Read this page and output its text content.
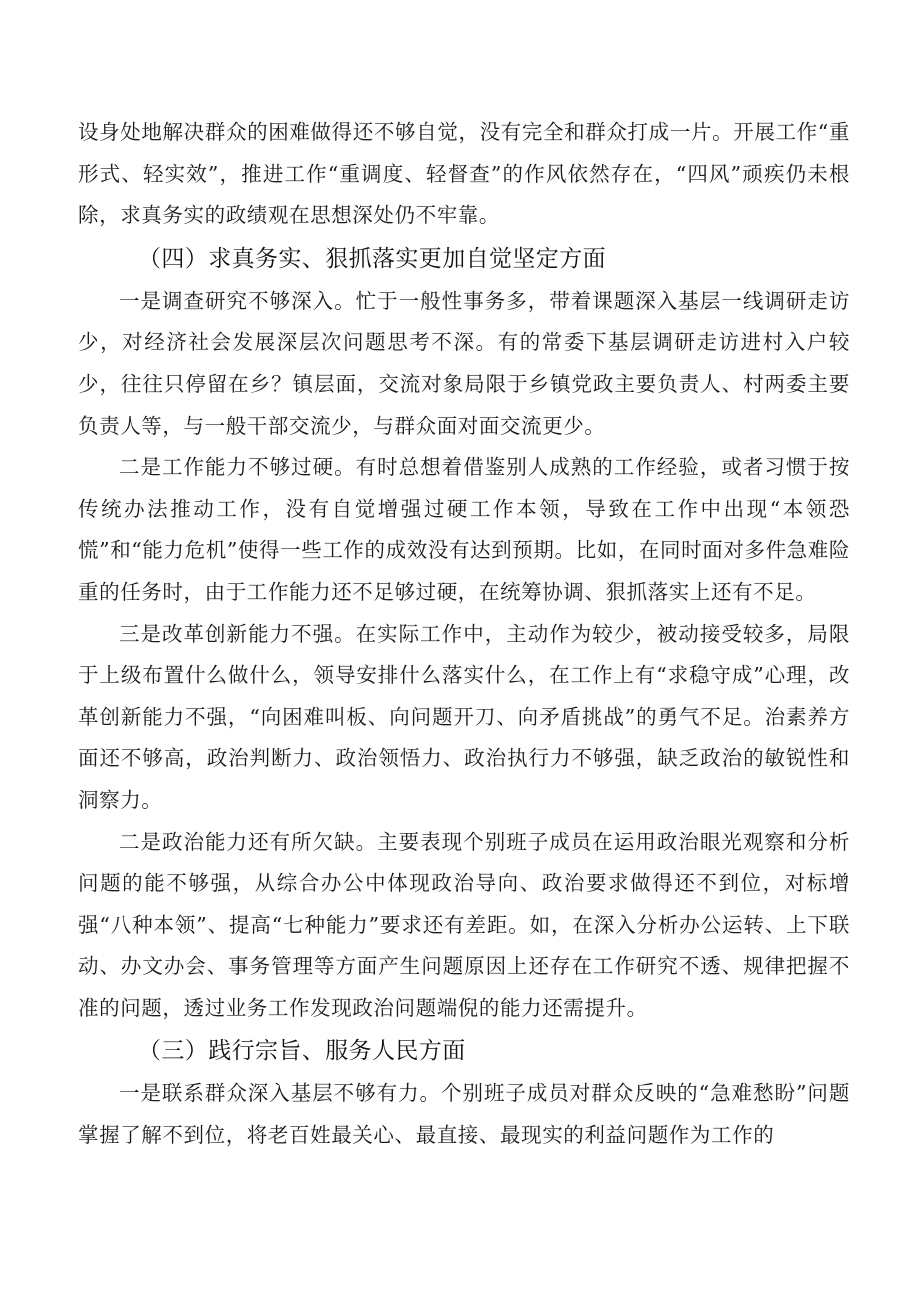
设身处地解决群众的困难做得还不够自觉，没有完全和群众打成一片。开展工作“重形式、轻实效”，推进工作“重调度、轻督查”的作风依然存在，“四风”顽疾仍未根除，求真务实的政绩观在思想深处仍不牢靠。

（四）求真务实、狠抓落实更加自觉坚定方面

一是调查研究不够深入。忙于一般性事务多，带着课题深入基层一线调研走访少，对经济社会发展深层次问题思考不深。有的常委下基层调研走访进村入户较少，往往只停留在乡？镇层面，交流对象局限于乡镇党政主要负责人、村两委主要负责人等，与一般干部交流少，与群众面对面交流更少。

二是工作能力不够过硬。有时总想着借鉴别人成熟的工作经验，或者习惯于按传统办法推动工作，没有自觉增强过硬工作本领，导致在工作中出现“本领恐慌”和“能力危机”使得一些工作的成效没有达到预期。比如，在同时面对多件急难险重的任务时，由于工作能力还不足够过硬，在统筹协调、狠抓落实上还有不足。

三是改革创新能力不强。在实际工作中，主动作为较少，被动接受较多，局限于上级布置什么做什么，领导安排什么落实什么，在工作上有“求稳守成”心理，改革创新能力不强，“向困难叫板、向问题开刀、向矛盾挑战”的勇气不足。治素养方面还不够高，政治判断力、政治领悟力、政治执行力不够强，缺乏政治的敏锐性和洞察力。

二是政治能力还有所欠缺。主要表现个别班子成员在运用政治眼光观察和分析问题的能不够强，从综合办公中体现政治导向、政治要求做得还不到位，对标增强“八种本领”、提高“七种能力”要求还有差距。如，在深入分析办公运转、上下联动、办文办会、事务管理等方面产生问题原因上还存在工作研究不透、规律把握不准的问题，透过业务工作发现政治问题端倪的能力还需提升。

（三）践行宗旨、服务人民方面

一是联系群众深入基层不够有力。个别班子成员对群众反映的“急难愁盼”问题掌握了解不到位，将老百姓最关心、最直接、最现实的利益问题作为工作的
